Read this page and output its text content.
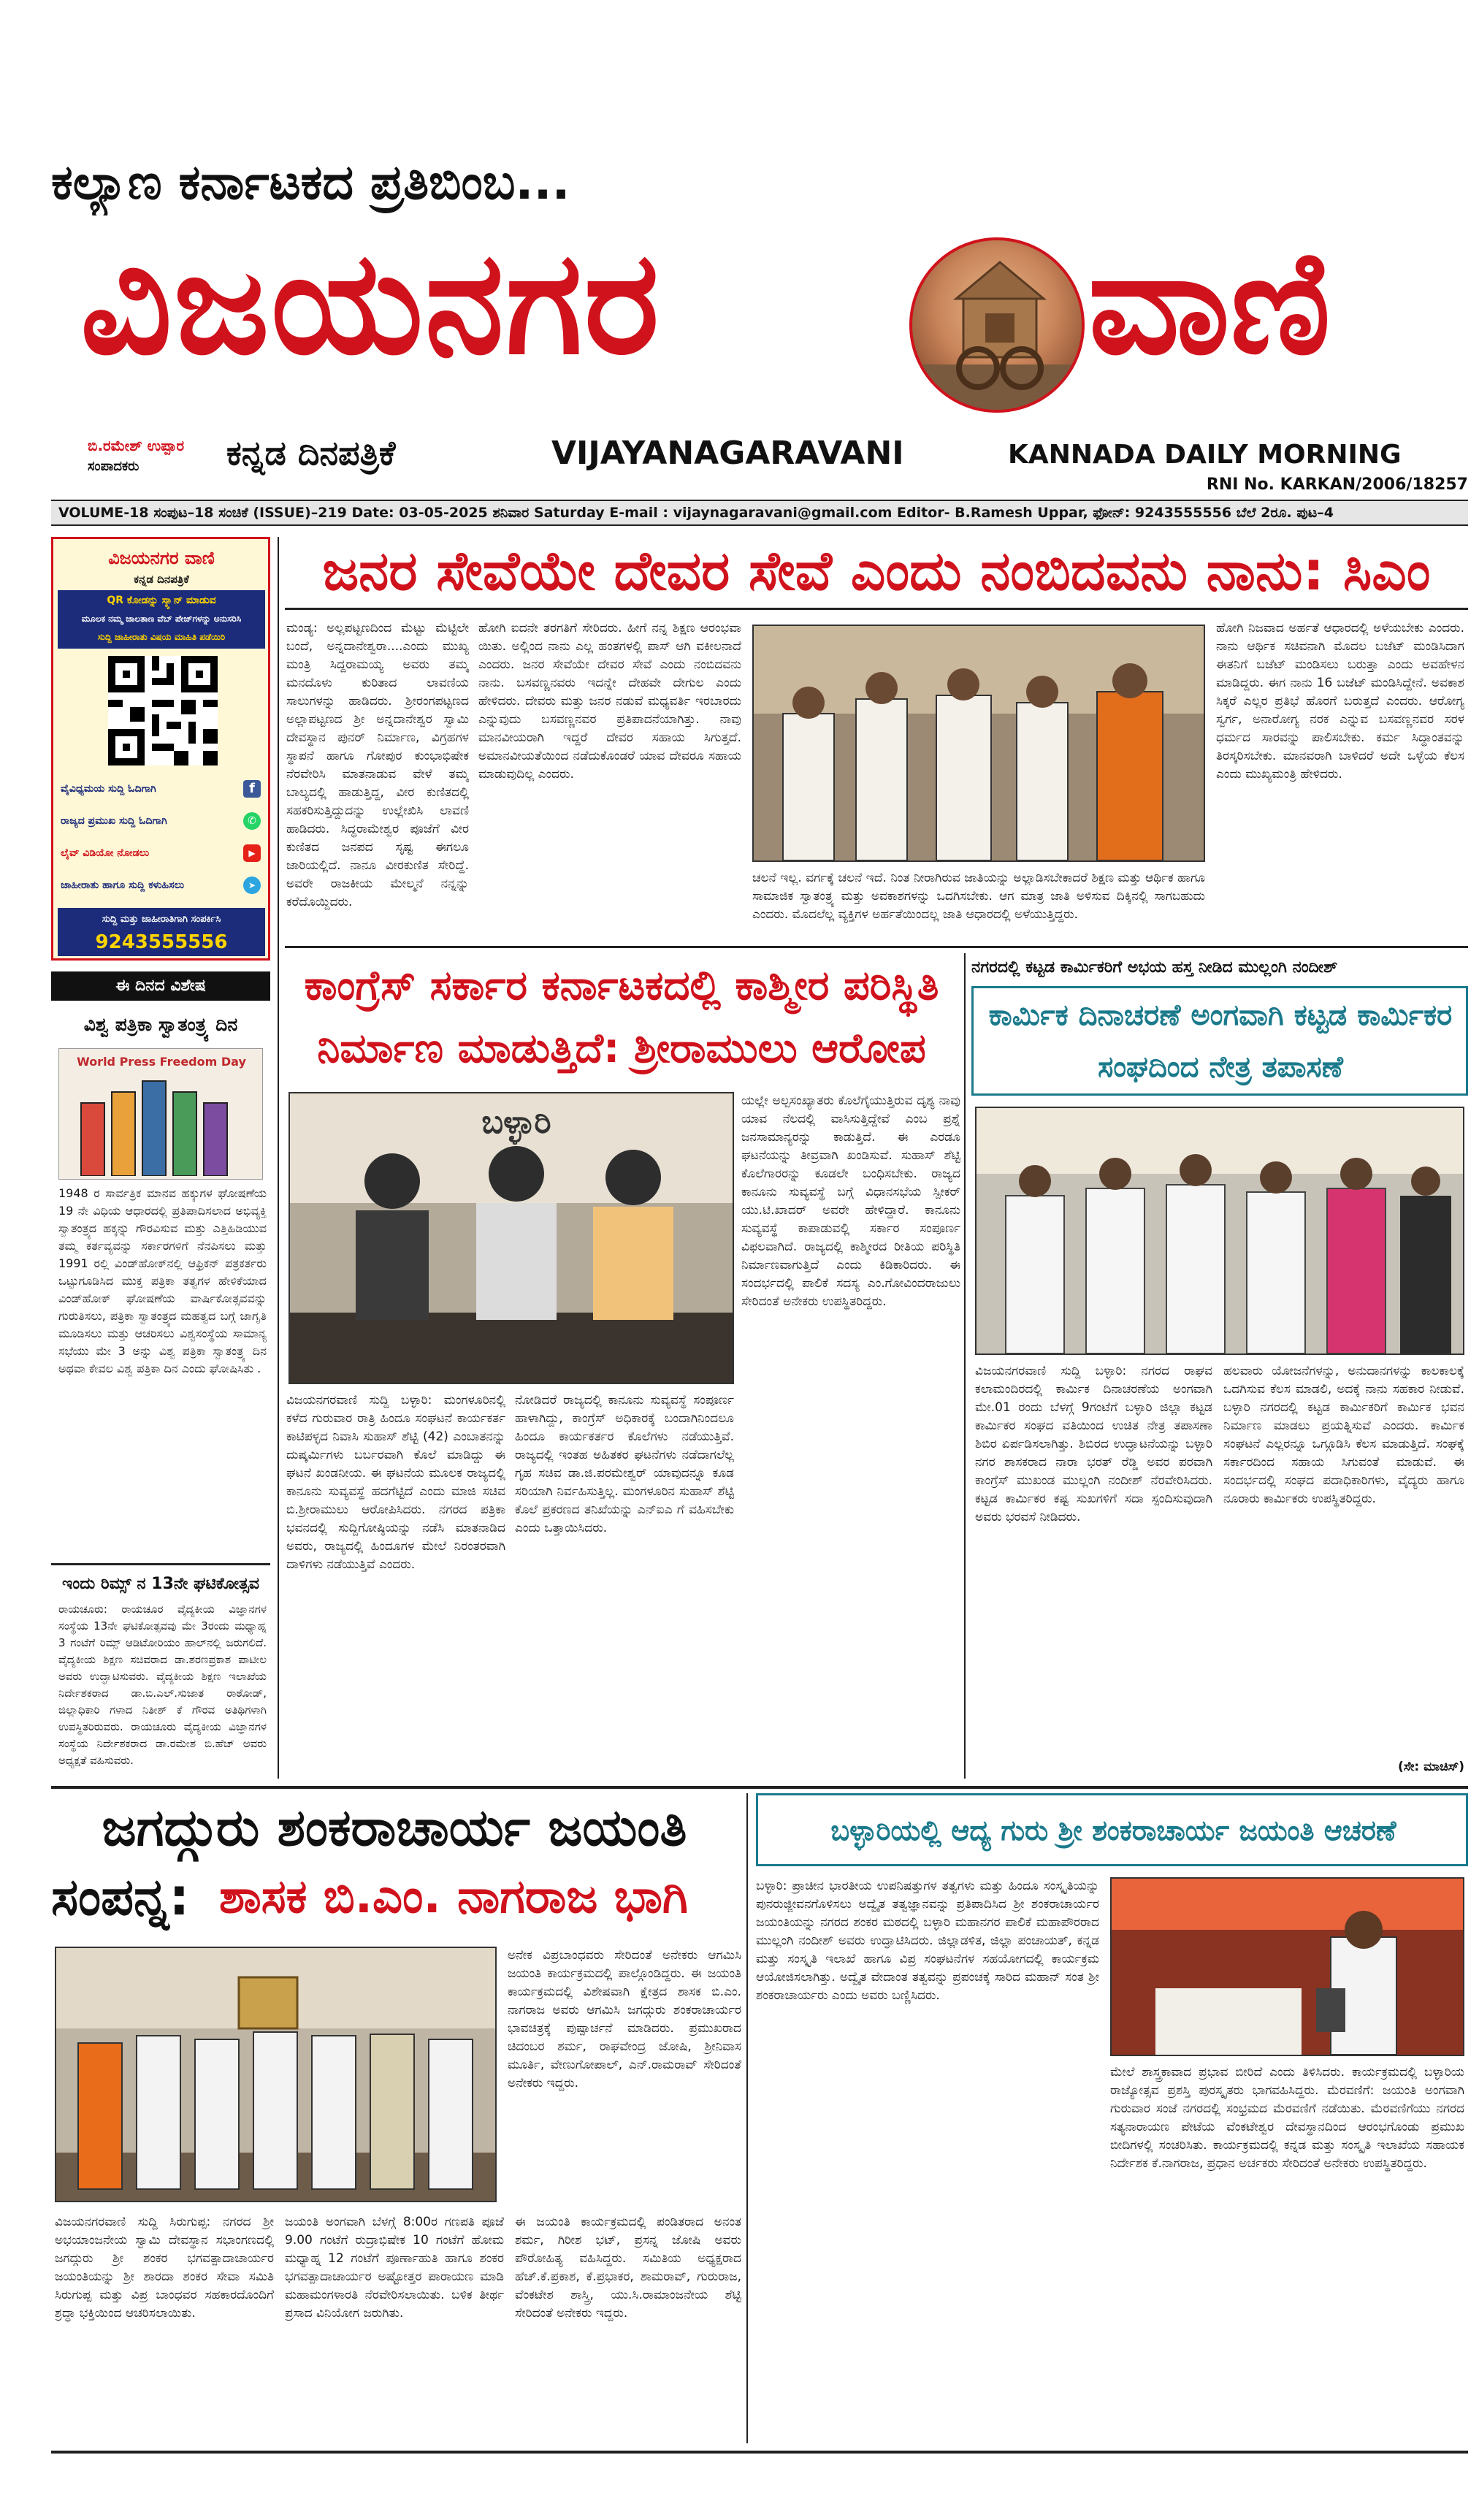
ಕಲ್ಯಾಣ ಕರ್ನಾಟಕದ ಪ್ರತಿಬಿಂಬ...
ವಿಜಯನಗರ	ವಾಣಿ
ಬಿ.ರಮೇಶ್ ಉಪ್ಪಾರ
ಸಂಪಾದಕರು	ಕನ್ನಡ ದಿನಪತ್ರಿಕೆ	VIJAYANAGARAVANI	KANNADA DAILY MORNING
RNI No. KARKAN/2006/18257
VOLUME-18 ಸಂಪುಟ–18 ಸಂಚಿಕೆ (ISSUE)–219 Date: 03-05-2025 ಶನಿವಾರ Saturday E-mail : vijaynagaravani@gmail.com Editor- B.Ramesh Uppar, ಫೋನ್: 9243555556 ಬೆಲೆ 2ರೂ. ಪುಟ–4
ವಿಜಯನಗರ ವಾಣಿ
ಕನ್ನಡ ದಿನಪತ್ರಿಕೆ
QR ಕೋಡನ್ನು ಸ್ಕ್ಯಾನ್ ಮಾಡುವ
ಮೂಲಕ ನಮ್ಮ ಜಾಲತಾಣ ವೆಬ್ ಪೇಜ್‌ಗಳನ್ನು ಅನುಸರಿಸಿ
ಸುದ್ದಿ ಜಾಹೀರಾತು ವಿಷಯ ಮಾಹಿತಿ ಪಡೆಯಿರಿ
ವೈವಿಧ್ಯಮಯ ಸುದ್ದಿ ಓದಿಗಾಗಿ	f
ರಾಜ್ಯದ ಪ್ರಮುಖ ಸುದ್ದಿ ಓದಿಗಾಗಿ	✆
ಲೈವ್ ವಿಡಿಯೋ ನೋಡಲು	▶
ಜಾಹೀರಾತು ಹಾಗೂ ಸುದ್ದಿ ಕಳುಹಿಸಲು	➤
ಸುದ್ದಿ ಮತ್ತು ಜಾಹೀರಾತಿಗಾಗಿ ಸಂಪರ್ಕಿಸಿ
9243555556
ಈ ದಿನದ ವಿಶೇಷ
ವಿಶ್ವ ಪತ್ರಿಕಾ ಸ್ವಾತಂತ್ರ್ಯ ದಿನ
World Press Freedom Day
1948 ರ ಸಾರ್ವತ್ರಿಕ ಮಾನವ ಹಕ್ಕುಗಳ ಘೋಷಣೆಯ 19 ನೇ ವಿಧಿಯ ಆಧಾರದಲ್ಲಿ ಪ್ರತಿಪಾದಿಸಲಾದ ಅಭಿವ್ಯಕ್ತಿ ಸ್ವಾತಂತ್ರ್ಯದ ಹಕ್ಕನ್ನು ಗೌರವಿಸುವ ಮತ್ತು ಎತ್ತಿಹಿಡಿಯುವ ತಮ್ಮ ಕರ್ತವ್ಯವನ್ನು ಸರ್ಕಾರಗಳಿಗೆ ನೆನಪಿಸಲು ಮತ್ತು 1991 ರಲ್ಲಿ ವಿಂಡ್‌ಹೋಕ್‌ನಲ್ಲಿ ಆಫ್ರಿಕನ್ ಪತ್ರಕರ್ತರು ಒಟ್ಟುಗೂಡಿಸಿದ ಮುಕ್ತ ಪತ್ರಿಕಾ ತತ್ವಗಳ ಹೇಳಿಕೆಯಾದ ವಿಂಡ್‌ಹೋಕ್ ಘೋಷಣೆಯ ವಾರ್ಷಿಕೋತ್ಸವವನ್ನು ಗುರುತಿಸಲು, ಪತ್ರಿಕಾ ಸ್ವಾತಂತ್ರ್ಯದ ಮಹತ್ವದ ಬಗ್ಗೆ ಜಾಗೃತಿ ಮೂಡಿಸಲು ಮತ್ತು ಆಚರಿಸಲು ವಿಶ್ವಸಂಸ್ಥೆಯ ಸಾಮಾನ್ಯ ಸಭೆಯು ಮೇ 3 ಅನ್ನು ವಿಶ್ವ ಪತ್ರಿಕಾ ಸ್ವಾತಂತ್ರ್ಯ ದಿನ ಅಥವಾ ಕೇವಲ ವಿಶ್ವ ಪತ್ರಿಕಾ ದಿನ ಎಂದು ಘೋಷಿಸಿತು .
ಇಂದು ರಿಮ್ಸ್ ನ 13ನೇ ಘಟಿಕೋತ್ಸವ
ರಾಯಚೂರು: ರಾಯಚೂರ ವೈದ್ಯಕೀಯ ವಿಜ್ಞಾನಗಳ ಸಂಸ್ಥೆಯ 13ನೇ ಘಟಿಕೋತ್ಸವವು ಮೇ 3ರಂದು ಮಧ್ಯಾಹ್ನ 3 ಗಂಟೆಗೆ ರಿಮ್ಸ್ ಆಡಿಟೋರಿಯಂ ಹಾಲ್‌ನಲ್ಲಿ ಜರುಗಲಿದೆ. ವೈದ್ಯಕೀಯ ಶಿಕ್ಷಣ ಸಚಿವರಾದ ಡಾ.ಶರಣಪ್ರಕಾಶ ಪಾಟೀಲ ಅವರು ಉದ್ಘಾಟಿಸುವರು. ವೈದ್ಯಕೀಯ ಶಿಕ್ಷಣ ಇಲಾಖೆಯ ನಿರ್ದೇಶಕರಾದ ಡಾ.ಬಿ.ಎಲ್.ಸುಜಾತ ರಾಠೋಡ್, ಜಿಲ್ಲಾಧಿಕಾರಿ ಗಳಾದ ನಿತೀಶ್ ಕೆ ಗೌರವ ಅತಿಥಿಗಳಾಗಿ ಉಪಸ್ಥಿತರಿರುವರು. ರಾಯಚೂರು ವೈದ್ಯಕೀಯ ವಿಜ್ಞಾನಗಳ ಸಂಸ್ಥೆಯ ನಿರ್ದೇಶಕರಾದ ಡಾ.ರಮೇಶ ಬಿ.ಹೆಚ್ ಅವರು ಅಧ್ಯಕ್ಷತೆ ವಹಿಸುವರು.
ಜನರ ಸೇವೆಯೇ ದೇವರ ಸೇವೆ ಎಂದು ನಂಬಿದವನು ನಾನು: ಸಿಎಂ
ಮಂಡ್ಯ: ಅಲ್ಲಪಟ್ಟಣದಿಂದ ಮೆಟ್ಟು ಮೆಟ್ಟಿಲೇ ಬಂದೆ, ಅನ್ನದಾನೇಶ್ವರಾ....ಎಂದು ಮುಖ್ಯ ಮಂತ್ರಿ ಸಿದ್ದರಾಮಯ್ಯ ಅವರು ತಮ್ಮ ಮನದೊಳು ಕುರಿತಾದ ಲಾವಣಿಯ ಸಾಲುಗಳನ್ನು ಹಾಡಿದರು. ಶ್ರೀರಂಗಪಟ್ಟಣದ ಅಲ್ಲಾಪಟ್ಟಣದ ಶ್ರೀ ಅನ್ನದಾನೇಶ್ವರ ಸ್ವಾಮಿ ದೇವಸ್ಥಾನ ಪುನರ್ ನಿರ್ಮಾಣ, ವಿಗ್ರಹಗಳ ಸ್ಥಾಪನೆ ಹಾಗೂ ಗೋಪುರ ಕುಂಭಾಭಿಷೇಕ ನೆರವೇರಿಸಿ ಮಾತನಾಡುವ ವೇಳೆ ತಮ್ಮ ಬಾಲ್ಯದಲ್ಲಿ ಹಾಡುತ್ತಿದ್ದ, ವೀರ ಕುಣಿತದಲ್ಲಿ ಸಹಕರಿಸುತ್ತಿದ್ದುದನ್ನು ಉಲ್ಲೇಖಿಸಿ ಲಾವಣಿ ಹಾಡಿದರು. ಸಿದ್ಧರಾಮೇಶ್ವರ ಪೂಜೆಗೆ ವೀರ ಕುಣಿತದ ಜನಪದ ಸೃಷ್ಟ ಈಗಲೂ ಜಾರಿಯಲ್ಲಿದೆ. ನಾನೂ ವೀರಕುಣಿತ ಸೇರಿದ್ದೆ. ಅವರೇ ರಾಜಕೀಯ ಮೇಲ್ಮನೆ ನನ್ನನ್ನು ಕರೆದೊಯ್ದಿದರು.
ಹೋಗಿ ಐದನೇ ತರಗತಿಗೆ ಸೇರಿದರು. ಹೀಗೆ ನನ್ನ ಶಿಕ್ಷಣ ಆರಂಭವಾ ಯಿತು. ಅಲ್ಲಿಂದ ನಾನು ಎಲ್ಲ ಹಂತಗಳಲ್ಲಿ ಪಾಸ್ ಆಗಿ ವಕೀಲನಾದೆ ಎಂದರು. ಜನರ ಸೇವೆಯೇ ದೇವರ ಸೇವೆ ಎಂದು ನಂಬಿದವನು ನಾನು. ಬಸವಣ್ಣನವರು ಇದನ್ನೇ ದೇಹವೇ ದೇಗುಲ ಎಂದು ಹೇಳಿದರು. ದೇವರು ಮತ್ತು ಜನರ ನಡುವೆ ಮಧ್ಯವರ್ತಿ ಇರಬಾರದು ಎನ್ನುವುದು ಬಸವಣ್ಣನವರ ಪ್ರತಿಪಾದನೆಯಾಗಿತ್ತು. ನಾವು ಮಾನವೀಯರಾಗಿ ಇದ್ದರೆ ದೇವರ ಸಹಾಯ ಸಿಗುತ್ತದೆ. ಅಮಾನವೀಯತೆಯಿಂದ ನಡೆದುಕೊಂಡರೆ ಯಾವ ದೇವರೂ ಸಹಾಯ ಮಾಡುವುದಿಲ್ಲ ಎಂದರು.
ಚಲನೆ ಇಲ್ಲ. ವರ್ಗಕ್ಕೆ ಚಲನೆ ಇದೆ. ನಿಂತ ನೀರಾಗಿರುವ ಜಾತಿಯನ್ನು ಅಲ್ಲಾಡಿಸಬೇಕಾದರೆ ಶಿಕ್ಷಣ ಮತ್ತು ಆರ್ಥಿಕ ಹಾಗೂ ಸಾಮಾಜಿಕ ಸ್ವಾತಂತ್ರ್ಯ ಮತ್ತು ಅವಕಾಶಗಳನ್ನು ಒದಗಿಸಬೇಕು. ಆಗ ಮಾತ್ರ ಜಾತಿ ಅಳಿಸುವ ದಿಕ್ಕಿನಲ್ಲಿ ಸಾಗಬಹುದು ಎಂದರು. ಮೊದಲೆಲ್ಲ ವ್ಯಕ್ತಿಗಳ ಅರ್ಹತೆಯಿಂದಲ್ಲ ಜಾತಿ ಆಧಾರದಲ್ಲಿ ಅಳೆಯುತ್ತಿದ್ದರು.
ಹೋಗಿ ನಿಜವಾದ ಅರ್ಹತೆ ಆಧಾರದಲ್ಲಿ ಅಳೆಯಬೇಕು ಎಂದರು. ನಾನು ಆರ್ಥಿಕ ಸಚಿವನಾಗಿ ಮೊದಲ ಬಜೆಟ್ ಮಂಡಿಸಿದಾಗ ಈತನಿಗೆ ಬಜೆಟ್ ಮಂಡಿಸಲು ಬರುತ್ತಾ ಎಂದು ಅವಹೇಳನ ಮಾಡಿದ್ದರು. ಈಗ ನಾನು 16 ಬಜೆಟ್ ಮಂಡಿಸಿದ್ದೇನೆ. ಅವಕಾಶ ಸಿಕ್ಕರೆ ಎಲ್ಲರ ಪ್ರತಿಭೆ ಹೊರಗೆ ಬರುತ್ತದೆ ಎಂದರು. ಆರೋಗ್ಯ ಸ್ವರ್ಗ, ಅನಾರೋಗ್ಯ ನರಕ ಎನ್ನುವ ಬಸವಣ್ಣನವರ ಸರಳ ಧರ್ಮದ ಸಾರವನ್ನು ಪಾಲಿಸಬೇಕು. ಕರ್ಮ ಸಿದ್ಧಾಂತವನ್ನು ತಿರಸ್ಕರಿಸಬೇಕು. ಮಾನವರಾಗಿ ಬಾಳಿದರೆ ಅದೇ ಒಳ್ಳೆಯ ಕೆಲಸ ಎಂದು ಮುಖ್ಯಮಂತ್ರಿ ಹೇಳಿದರು.
ಕಾಂಗ್ರೆಸ್ ಸರ್ಕಾರ ಕರ್ನಾಟಕದಲ್ಲಿ ಕಾಶ್ಮೀರ ಪರಿಸ್ಥಿತಿ ನಿರ್ಮಾಣ ಮಾಡುತ್ತಿದೆ: ಶ್ರೀರಾಮುಲು ಆರೋಪ
ಬಳ್ಳಾರಿ
ವಿಜಯನಗರವಾಣಿ ಸುದ್ದಿ ಬಳ್ಳಾರಿ: ಮಂಗಳೂರಿನಲ್ಲಿ ಕಳೆದ ಗುರುವಾರ ರಾತ್ರಿ ಹಿಂದೂ ಸಂಘಟನೆ ಕಾರ್ಯಕರ್ತ ಕಾಟಿಪಳ್ಳದ ನಿವಾಸಿ ಸುಹಾಸ್ ಶೆಟ್ಟಿ (42) ಎಂಬಾತನನ್ನು ದುಷ್ಕರ್ಮಿಗಳು ಬರ್ಬರವಾಗಿ ಕೊಲೆ ಮಾಡಿದ್ದು ಈ ಘಟನೆ ಖಂಡನೀಯ. ಈ ಘಟನೆಯ ಮೂಲಕ ರಾಜ್ಯದಲ್ಲಿ ಕಾನೂನು ಸುವ್ಯವಸ್ಥೆ ಹದಗೆಟ್ಟಿದೆ ಎಂದು ಮಾಜಿ ಸಚಿವ ಬಿ.ಶ್ರೀರಾಮುಲು ಆರೋಪಿಸಿದರು. ನಗರದ ಪತ್ರಿಕಾ ಭವನದಲ್ಲಿ ಸುದ್ದಿಗೋಷ್ಠಿಯನ್ನು ನಡೆಸಿ ಮಾತನಾಡಿದ ಅವರು, ರಾಜ್ಯದಲ್ಲಿ ಹಿಂದೂಗಳ ಮೇಲೆ ನಿರಂತರವಾಗಿ ದಾಳಿಗಳು ನಡೆಯುತ್ತಿವೆ ಎಂದರು.
ನೋಡಿದರೆ ರಾಜ್ಯದಲ್ಲಿ ಕಾನೂನು ಸುವ್ಯವಸ್ಥೆ ಸಂಪೂರ್ಣ ಹಾಳಾಗಿದ್ದು, ಕಾಂಗ್ರೆಸ್ ಅಧಿಕಾರಕ್ಕೆ ಬಂದಾಗಿನಿಂದಲೂ ಹಿಂದೂ ಕಾರ್ಯಕರ್ತರ ಕೊಲೆಗಳು ನಡೆಯುತ್ತಿವೆ. ರಾಜ್ಯದಲ್ಲಿ ಇಂತಹ ಅಹಿತಕರ ಘಟನೆಗಳು ನಡೆದಾಗಲೆಲ್ಲ ಗೃಹ ಸಚಿವ ಡಾ.ಜಿ.ಪರಮೇಶ್ವರ್ ಯಾವುದನ್ನೂ ಕೂಡ ಸರಿಯಾಗಿ ನಿರ್ವಹಿಸುತ್ತಿಲ್ಲ. ಮಂಗಳೂರಿನ ಸುಹಾಸ್ ಶೆಟ್ಟಿ ಕೊಲೆ ಪ್ರಕರಣದ ತನಿಖೆಯನ್ನು ಎನ್‌ಐಎ ಗೆ ವಹಿಸಬೇಕು ಎಂದು ಒತ್ತಾಯಿಸಿದರು.
ಯಲ್ಲೇ ಅಲ್ಪಸಂಖ್ಯಾತರು ಕೊಲೆಗೈಯುತ್ತಿರುವ ದೃಶ್ಯ ನಾವು ಯಾವ ನೆಲದಲ್ಲಿ ವಾಸಿಸುತ್ತಿದ್ದೇವೆ ಎಂಬ ಪ್ರಶ್ನೆ ಜನಸಾಮಾನ್ಯರನ್ನು ಕಾಡುತ್ತಿದೆ. ಈ ಎರಡೂ ಘಟನೆಯನ್ನು ತೀವ್ರವಾಗಿ ಖಂಡಿಸುವೆ. ಸುಹಾಸ್ ಶೆಟ್ಟಿ ಕೊಲೆಗಾರರನ್ನು ಕೂಡಲೇ ಬಂಧಿಸಬೇಕು. ರಾಜ್ಯದ ಕಾನೂನು ಸುವ್ಯವಸ್ಥೆ ಬಗ್ಗೆ ವಿಧಾನಸಭೆಯ ಸ್ಪೀಕರ್ ಯು.ಟಿ.ಖಾದರ್ ಅವರೇ ಹೇಳಿದ್ದಾರೆ. ಕಾನೂನು ಸುವ್ಯವಸ್ಥೆ ಕಾಪಾಡುವಲ್ಲಿ ಸರ್ಕಾರ ಸಂಪೂರ್ಣ ವಿಫಲವಾಗಿದೆ. ರಾಜ್ಯದಲ್ಲಿ ಕಾಶ್ಮೀರದ ರೀತಿಯ ಪರಿಸ್ಥಿತಿ ನಿರ್ಮಾಣವಾಗುತ್ತಿದೆ ಎಂದು ಕಿಡಿಕಾರಿದರು. ಈ ಸಂದರ್ಭದಲ್ಲಿ ಪಾಲಿಕೆ ಸದಸ್ಯ ಎಂ.ಗೋವಿಂದರಾಜುಲು ಸೇರಿದಂತೆ ಅನೇಕರು ಉಪಸ್ಥಿತರಿದ್ದರು.
ನಗರದಲ್ಲಿ ಕಟ್ಟಡ ಕಾರ್ಮಿಕರಿಗೆ ಅಭಯ ಹಸ್ತ ನೀಡಿದ ಮುಲ್ಲಂಗಿ ನಂದೀಶ್
ಕಾರ್ಮಿಕ ದಿನಾಚರಣೆ ಅಂಗವಾಗಿ ಕಟ್ಟಡ ಕಾರ್ಮಿಕರ ಸಂಘದಿಂದ ನೇತ್ರ ತಪಾಸಣೆ
ವಿಜಯನಗರವಾಣಿ ಸುದ್ದಿ ಬಳ್ಳಾರಿ: ನಗರದ ರಾಘವ ಕಲಾಮಂದಿರದಲ್ಲಿ ಕಾರ್ಮಿಕ ದಿನಾಚರಣೆಯ ಅಂಗವಾಗಿ ಮೇ.01 ರಂದು ಬೆಳಗ್ಗೆ 9ಗಂಟೆಗೆ ಬಳ್ಳಾರಿ ಜಿಲ್ಲಾ ಕಟ್ಟಡ ಕಾರ್ಮಿಕರ ಸಂಘದ ವತಿಯಿಂದ ಉಚಿತ ನೇತ್ರ ತಪಾಸಣಾ ಶಿಬಿರ ಏರ್ಪಡಿಸಲಾಗಿತ್ತು. ಶಿಬಿರದ ಉದ್ಘಾಟನೆಯನ್ನು ಬಳ್ಳಾರಿ ನಗರ ಶಾಸಕರಾದ ನಾರಾ ಭರತ್ ರೆಡ್ಡಿ ಅವರ ಪರವಾಗಿ ಕಾಂಗ್ರೆಸ್ ಮುಖಂಡ ಮುಲ್ಲಂಗಿ ನಂದೀಶ್ ನೆರವೇರಿಸಿದರು. ಕಟ್ಟಡ ಕಾರ್ಮಿಕರ ಕಷ್ಟ ಸುಖಗಳಿಗೆ ಸದಾ ಸ್ಪಂದಿಸುವುದಾಗಿ ಅವರು ಭರವಸೆ ನೀಡಿದರು.
ಹಲವಾರು ಯೋಜನೆಗಳನ್ನು, ಅನುದಾನಗಳನ್ನು ಕಾಲಕಾಲಕ್ಕೆ ಒದಗಿಸುವ ಕೆಲಸ ಮಾಡಲಿ, ಅದಕ್ಕೆ ನಾನು ಸಹಕಾರ ನೀಡುವೆ. ಬಳ್ಳಾರಿ ನಗರದಲ್ಲಿ ಕಟ್ಟಡ ಕಾರ್ಮಿಕರಿಗೆ ಕಾರ್ಮಿಕ ಭವನ ನಿರ್ಮಾಣ ಮಾಡಲು ಪ್ರಯತ್ನಿಸುವೆ ಎಂದರು. ಕಾರ್ಮಿಕ ಸಂಘಟನೆ ಎಲ್ಲರನ್ನೂ ಒಗ್ಗೂಡಿಸಿ ಕೆಲಸ ಮಾಡುತ್ತಿದೆ. ಸಂಘಕ್ಕೆ ಸರ್ಕಾರದಿಂದ ಸಹಾಯ ಸಿಗುವಂತೆ ಮಾಡುವೆ. ಈ ಸಂದರ್ಭದಲ್ಲಿ ಸಂಘದ ಪದಾಧಿಕಾರಿಗಳು, ವೈದ್ಯರು ಹಾಗೂ ನೂರಾರು ಕಾರ್ಮಿಕರು ಉಪಸ್ಥಿತರಿದ್ದರು.
(ಸೇ: ಮಾಚಿಸ್)
ಜಗದ್ಗುರು ಶಂಕರಾಚಾರ್ಯ ಜಯಂತಿ
ಸಂಪನ್ನ: ಶಾಸಕ ಬಿ.ಎಂ. ನಾಗರಾಜ ಭಾಗಿ
ಅನೇಕ ವಿಪ್ರಬಾಂಧವರು ಸೇರಿದಂತೆ ಅನೇಕರು ಆಗಮಿಸಿ ಜಯಂತಿ ಕಾರ್ಯಕ್ರಮದಲ್ಲಿ ಪಾಲ್ಗೊಂಡಿದ್ದರು. ಈ ಜಯಂತಿ ಕಾರ್ಯಕ್ರಮದಲ್ಲಿ ವಿಶೇಷವಾಗಿ ಕ್ಷೇತ್ರದ ಶಾಸಕ ಬಿ.ಎಂ. ನಾಗರಾಜ ಅವರು ಆಗಮಿಸಿ ಜಗದ್ಗುರು ಶಂಕರಾಚಾರ್ಯರ ಭಾವಚಿತ್ರಕ್ಕೆ ಪುಷ್ಪಾರ್ಚನೆ ಮಾಡಿದರು. ಪ್ರಮುಖರಾದ ಚಿದಂಬರ ಶರ್ಮ, ರಾಘವೇಂದ್ರ ಜೋಷಿ, ಶ್ರೀನಿವಾಸ ಮೂರ್ತಿ, ವೇಣುಗೋಪಾಲ್, ಎನ್.ರಾಮರಾವ್ ಸೇರಿದಂತೆ ಅನೇಕರು ಇದ್ದರು.
ವಿಜಯನಗರವಾಣಿ ಸುದ್ದಿ ಸಿರುಗುಪ್ಪ: ನಗರದ ಶ್ರೀ ಅಭಯಾಂಜನೇಯ ಸ್ವಾಮಿ ದೇವಸ್ಥಾನ ಸಭಾಂಗಣದಲ್ಲಿ ಜಗದ್ಗುರು ಶ್ರೀ ಶಂಕರ ಭಗವತ್ಪಾದಾಚಾರ್ಯರ ಜಯಂತಿಯನ್ನು ಶ್ರೀ ಶಾರದಾ ಶಂಕರ ಸೇವಾ ಸಮಿತಿ ಸಿರುಗುಪ್ಪ ಮತ್ತು ವಿಪ್ರ ಬಾಂಧವರ ಸಹಕಾರದೊಂದಿಗೆ ಶ್ರದ್ಧಾ ಭಕ್ತಿಯಿಂದ ಆಚರಿಸಲಾಯಿತು.
ಜಯಂತಿ ಅಂಗವಾಗಿ ಬೆಳಗ್ಗೆ 8:00ರ ಗಣಪತಿ ಪೂಜೆ 9.00 ಗಂಟೆಗೆ ರುದ್ರಾಭಿಷೇಕ 10 ಗಂಟೆಗೆ ಹೋಮ ಮಧ್ಯಾಹ್ನ 12 ಗಂಟೆಗೆ ಪೂರ್ಣಾಹುತಿ ಹಾಗೂ ಶಂಕರ ಭಗವತ್ಪಾದಾಚಾರ್ಯರ ಅಷ್ಟೋತ್ತರ ಪಾರಾಯಣ ಮಾಡಿ ಮಹಾಮಂಗಳಾರತಿ ನೆರವೇರಿಸಲಾಯಿತು. ಬಳಿಕ ತೀರ್ಥ ಪ್ರಸಾದ ವಿನಿಯೋಗ ಜರುಗಿತು.
ಈ ಜಯಂತಿ ಕಾರ್ಯಕ್ರಮದಲ್ಲಿ ಪಂಡಿತರಾದ ಅನಂತ ಶರ್ಮ, ಗಿರೀಶ ಭಟ್, ಪ್ರಸನ್ನ ಜೋಷಿ ಅವರು ಪೌರೋಹಿತ್ಯ ವಹಿಸಿದ್ದರು. ಸಮಿತಿಯ ಅಧ್ಯಕ್ಷರಾದ ಹೆಚ್.ಕೆ.ಪ್ರಕಾಶ, ಕೆ.ಪ್ರಭಾಕರ, ಶಾಮರಾವ್, ಗುರುರಾಜ, ವೆಂಕಟೇಶ ಶಾಸ್ತ್ರಿ, ಯು.ಸಿ.ರಾಮಾಂಜನೇಯ ಶೆಟ್ಟಿ ಸೇರಿದಂತೆ ಅನೇಕರು ಇದ್ದರು.
ಬಳ್ಳಾರಿಯಲ್ಲಿ ಆದ್ಯ ಗುರು ಶ್ರೀ ಶಂಕರಾಚಾರ್ಯ ಜಯಂತಿ ಆಚರಣೆ
ಬಳ್ಳಾರಿ: ಪ್ರಾಚೀನ ಭಾರತೀಯ ಉಪನಿಷತ್ತುಗಳ ತತ್ವಗಳು ಮತ್ತು ಹಿಂದೂ ಸಂಸ್ಕೃತಿಯನ್ನು ಪುನರುಜ್ಜೀವನಗೊಳಿಸಲು ಅದ್ವೈತ ತತ್ವಜ್ಞಾನವನ್ನು ಪ್ರತಿಪಾದಿಸಿದ ಶ್ರೀ ಶಂಕರಾಚಾರ್ಯರ ಜಯಂತಿಯನ್ನು ನಗರದ ಶಂಕರ ಮಠದಲ್ಲಿ ಬಳ್ಳಾರಿ ಮಹಾನಗರ ಪಾಲಿಕೆ ಮಹಾಪೌರರಾದ ಮುಲ್ಲಂಗಿ ನಂದೀಶ್ ಅವರು ಉದ್ಘಾಟಿಸಿದರು. ಜಿಲ್ಲಾಡಳಿತ, ಜಿಲ್ಲಾ ಪಂಚಾಯತ್, ಕನ್ನಡ ಮತ್ತು ಸಂಸ್ಕೃತಿ ಇಲಾಖೆ ಹಾಗೂ ವಿಪ್ರ ಸಂಘಟನೆಗಳ ಸಹಯೋಗದಲ್ಲಿ ಕಾರ್ಯಕ್ರಮ ಆಯೋಜಿಸಲಾಗಿತ್ತು. ಅದ್ವೈತ ವೇದಾಂತ ತತ್ವವನ್ನು ಪ್ರಪಂಚಕ್ಕೆ ಸಾರಿದ ಮಹಾನ್ ಸಂತ ಶ್ರೀ ಶಂಕರಾಚಾರ್ಯರು ಎಂದು ಅವರು ಬಣ್ಣಿಸಿದರು.
ಮೇಲೆ ಶಾಸ್ತ್ರಕಾವಾದ ಪ್ರಭಾವ ಬೀರಿದೆ ಎಂದು ತಿಳಿಸಿದರು. ಕಾರ್ಯಕ್ರಮದಲ್ಲಿ ಬಳ್ಳಾರಿಯ ರಾಜ್ಯೋತ್ಸವ ಪ್ರಶಸ್ತಿ ಪುರಸ್ಕೃತರು ಭಾಗವಹಿಸಿದ್ದರು. ಮೆರವಣಿಗೆ: ಜಯಂತಿ ಅಂಗವಾಗಿ ಗುರುವಾರ ಸಂಜೆ ನಗರದಲ್ಲಿ ಸಂಭ್ರಮದ ಮೆರವಣಿಗೆ ನಡೆಯಿತು. ಮೆರವಣಿಗೆಯು ನಗರದ ಸತ್ಯನಾರಾಯಣ ಪೇಟೆಯ ವೆಂಕಟೇಶ್ವರ ದೇವಸ್ಥಾನದಿಂದ ಆರಂಭಗೊಂಡು ಪ್ರಮುಖ ಬೀದಿಗಳಲ್ಲಿ ಸಂಚರಿಸಿತು. ಕಾರ್ಯಕ್ರಮದಲ್ಲಿ ಕನ್ನಡ ಮತ್ತು ಸಂಸ್ಕೃತಿ ಇಲಾಖೆಯ ಸಹಾಯಕ ನಿರ್ದೇಶಕ ಕೆ.ನಾಗರಾಜ, ಪ್ರಧಾನ ಅರ್ಚಕರು ಸೇರಿದಂತೆ ಅನೇಕರು ಉಪಸ್ಥಿತರಿದ್ದರು.
